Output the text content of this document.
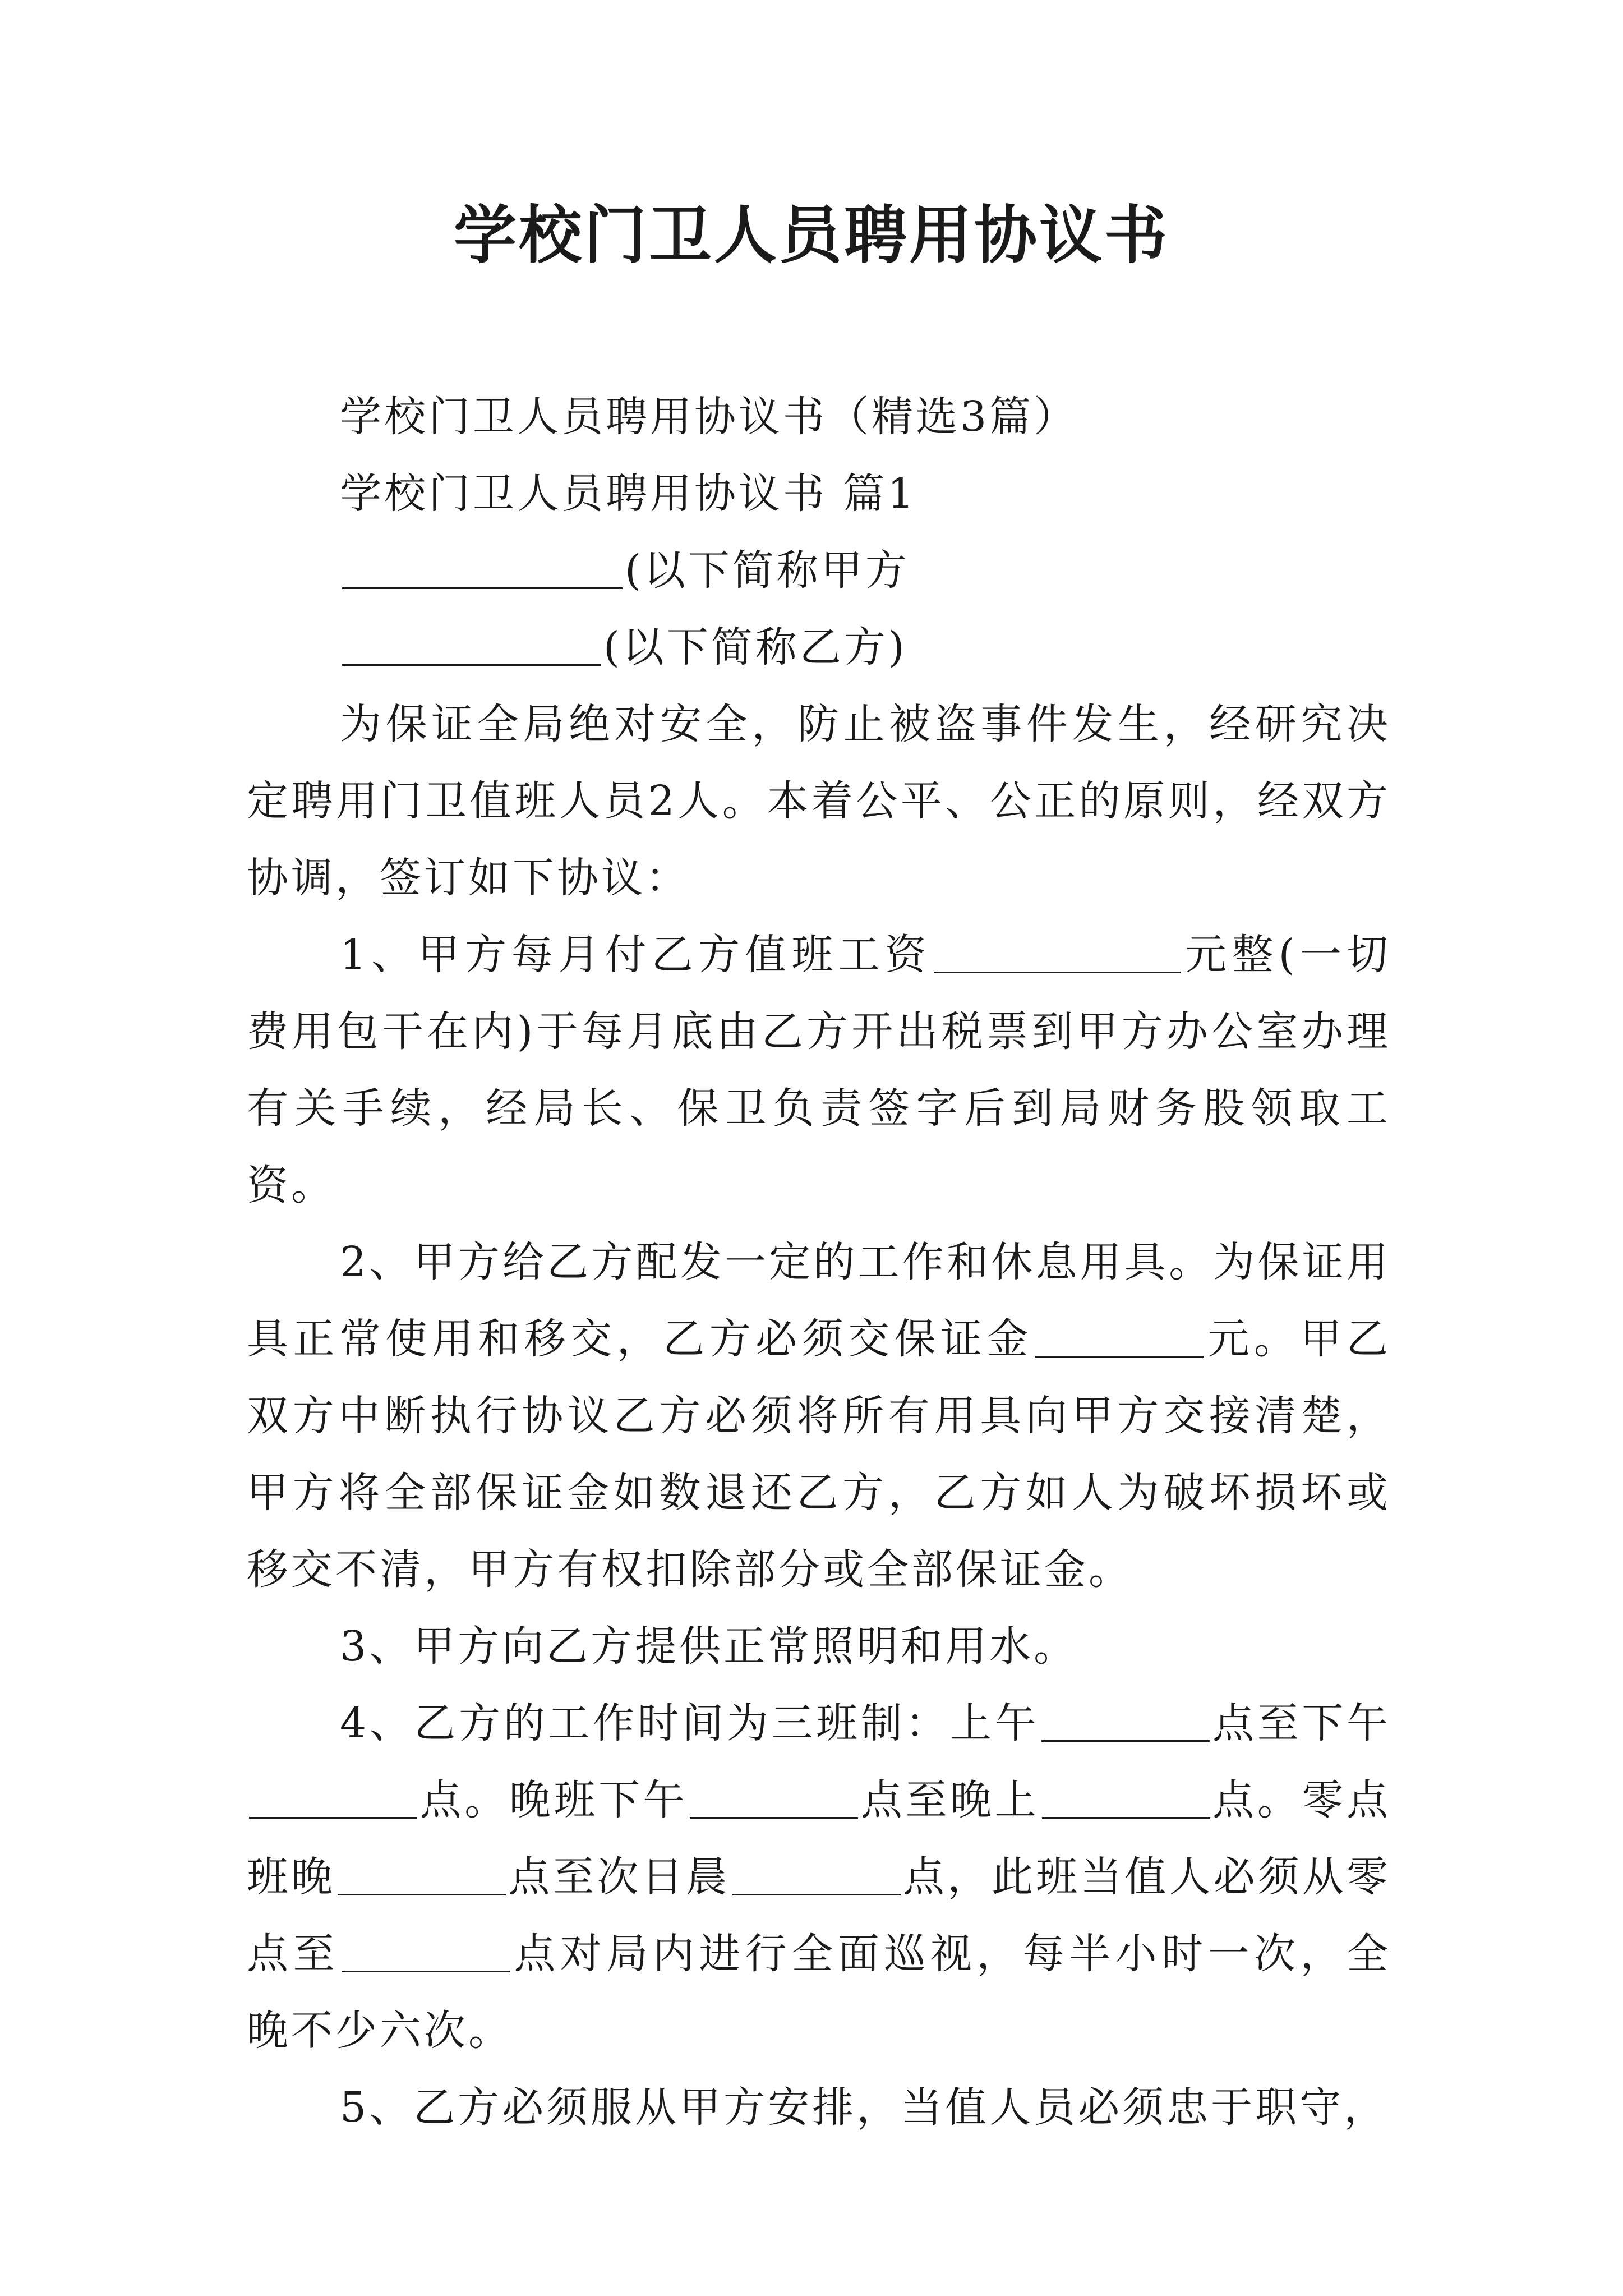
学校门卫人员聘用协议书

学校门卫人员聘用协议书（精选3篇）

学校门卫人员聘用协议书 篇1

(以下简称甲方

(以下简称乙方)

为保证全局绝对安全，防止被盗事件发生，经研究决定聘用门卫值班人员2人。本着公平、公正的原则，经双方协调，签订如下协议：

1、甲方每月付乙方值班工资	元整(一切费用包干在内)于每月底由乙方开出税票到甲方办公室办理有关手续，经局长、保卫负责签字后到局财务股领取工资。

2、甲方给乙方配发一定的工作和休息用具。为保证用具正常使用和移交，乙方必须交保证金	元。甲乙双方中断执行协议乙方必须将所有用具向甲方交接清楚，甲方将全部保证金如数退还乙方，乙方如人为破坏损坏或移交不清，甲方有权扣除部分或全部保证金。

3、甲方向乙方提供正常照明和用水。

4、乙方的工作时间为三班制：上午	点至下午点。晚班下午	点至晚上	点。零点班晚	点至次日晨	点，此班当值人必须从零点至	点对局内进行全面巡视，每半小时一次，全晚不少六次。

5、乙方必须服从甲方安排，当值人员必须忠于职守，
